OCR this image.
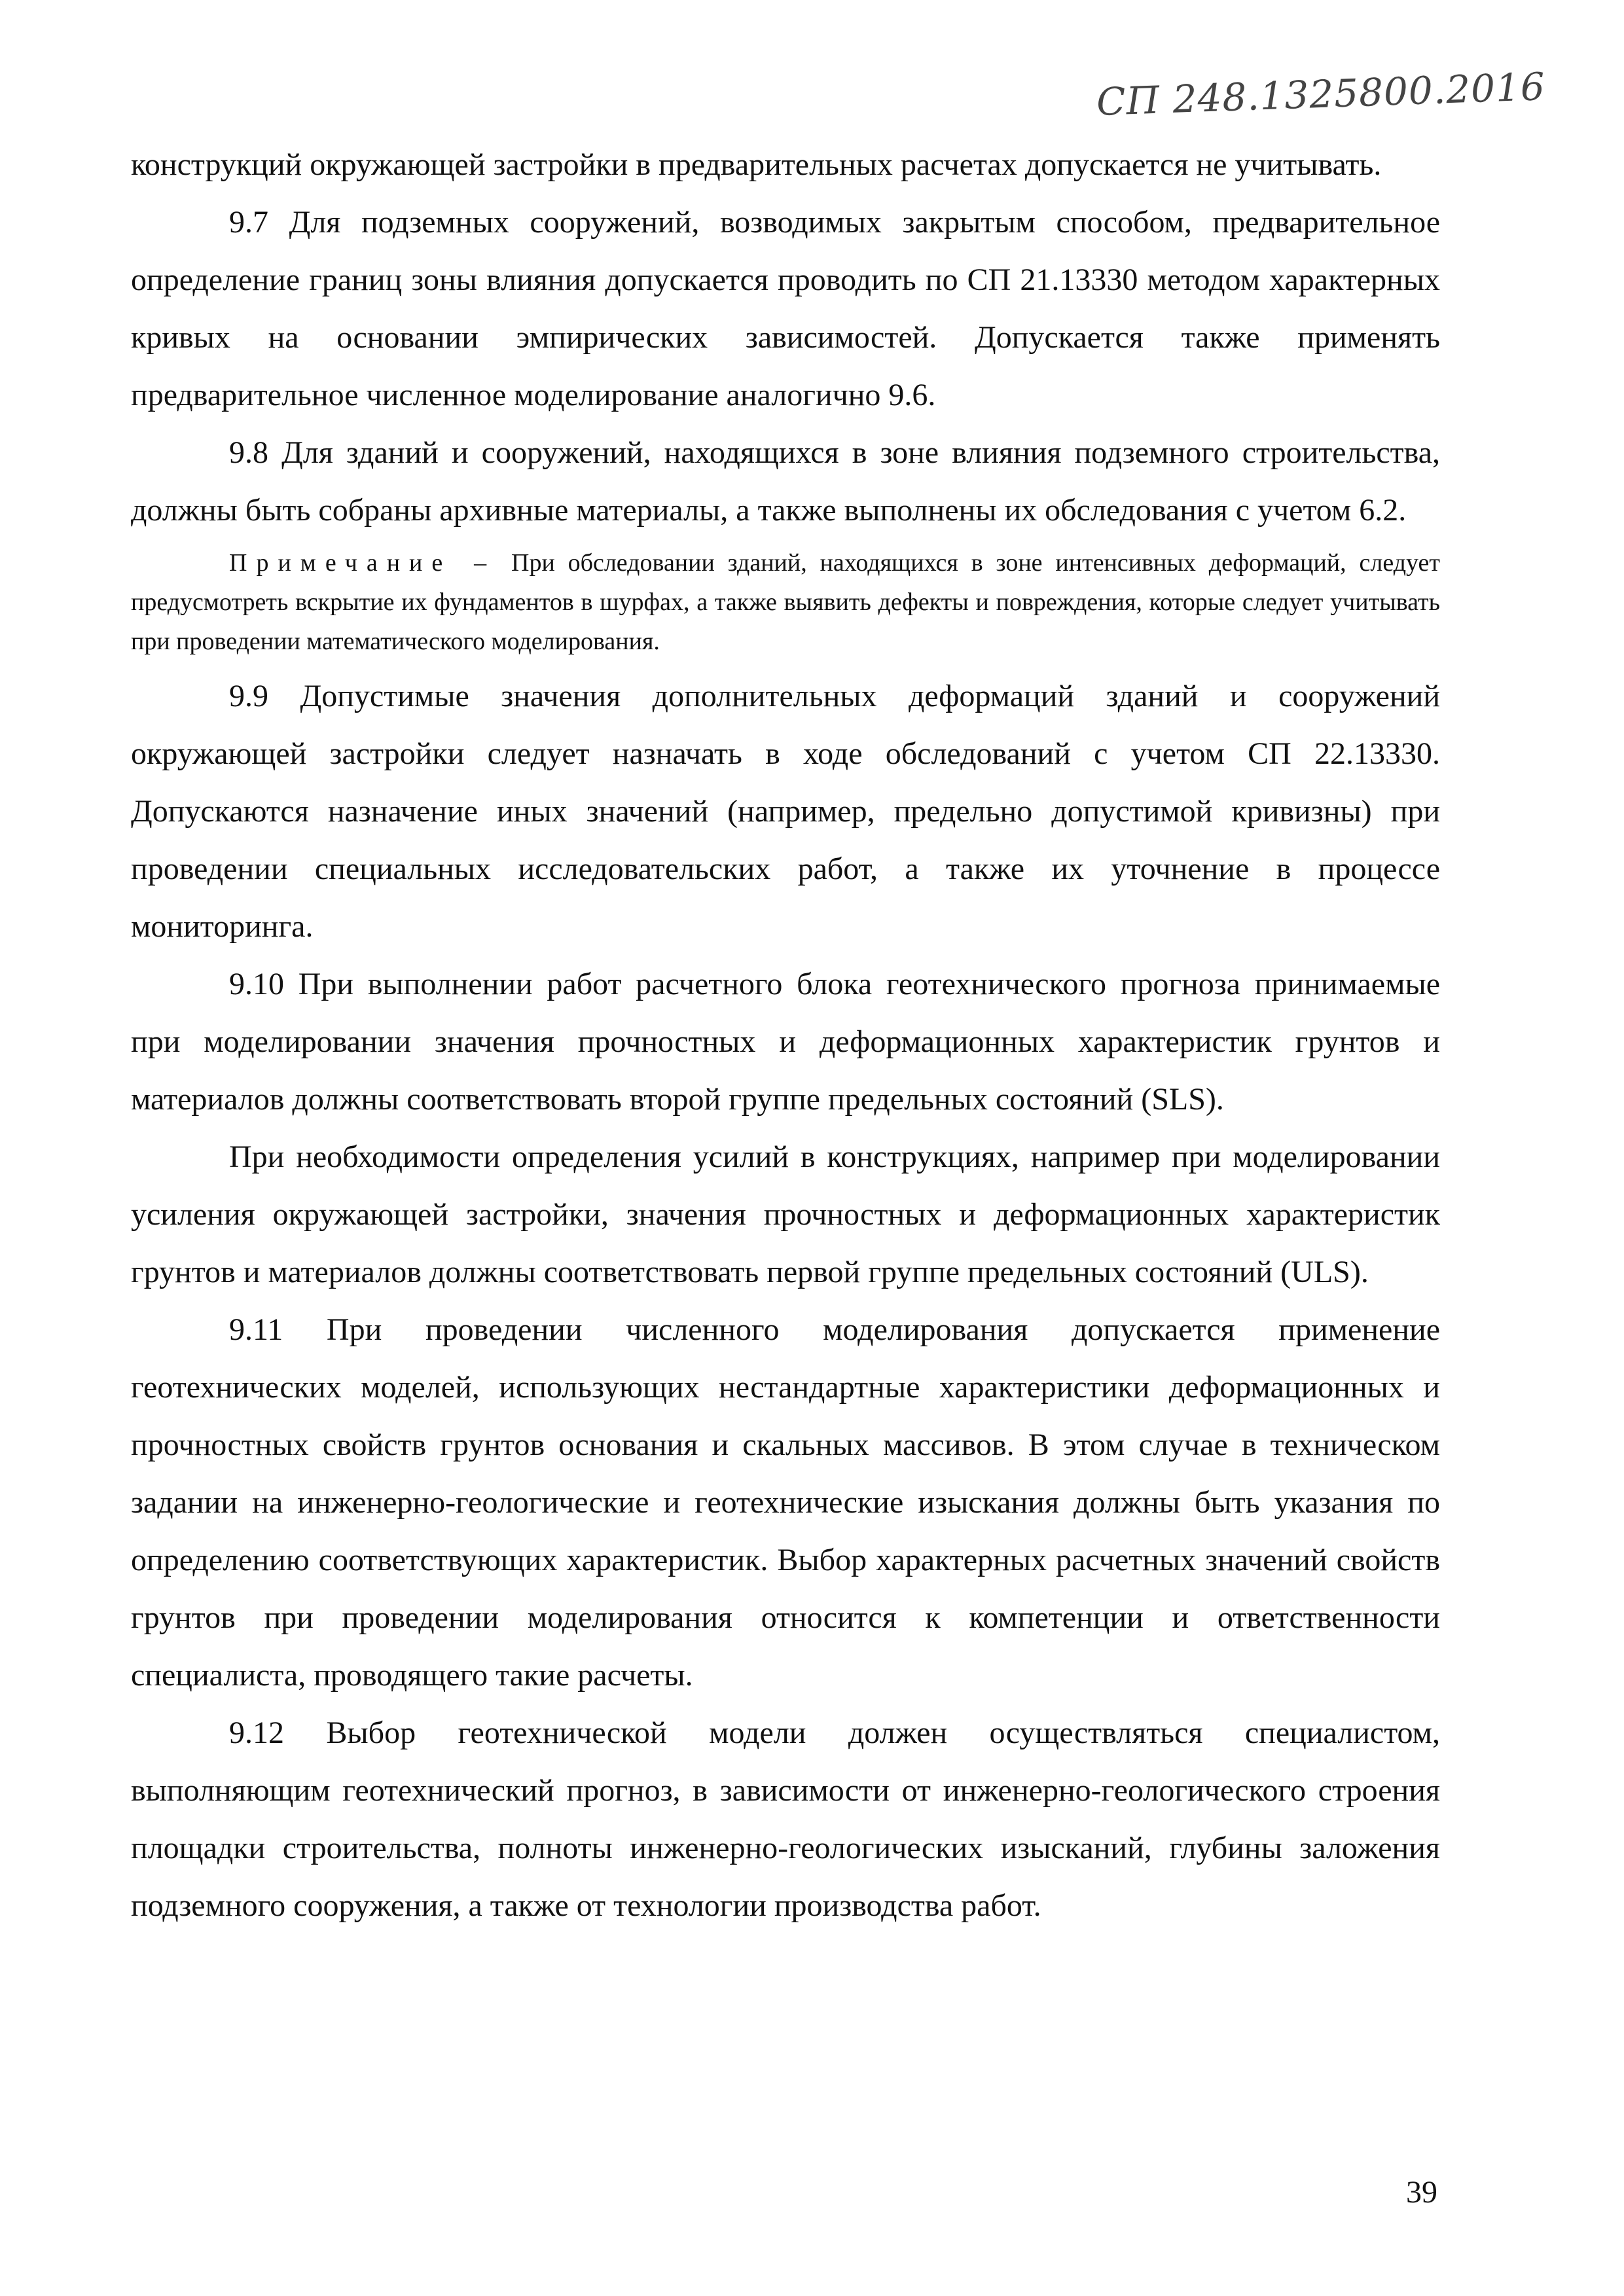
СП 248.1325800.2016

конструкций окружающей застройки в предварительных расчетах допускается не учитывать.

9.7 Для подземных сооружений, возводимых закрытым способом, предварительное определение границ зоны влияния допускается проводить по СП 21.13330 методом характерных кривых на основании эмпирических зависимостей. Допускается также применять предварительное численное моделирование аналогично 9.6.

9.8 Для зданий и сооружений, находящихся в зоне влияния подземного строительства, должны быть собраны архивные материалы, а также выполнены их обследования с учетом 6.2.

Примечание – При обследовании зданий, находящихся в зоне интенсивных деформаций, следует предусмотреть вскрытие их фундаментов в шурфах, а также выявить дефекты и повреждения, которые следует учитывать при проведении математического моделирования.

9.9 Допустимые значения дополнительных деформаций зданий и сооружений окружающей застройки следует назначать в ходе обследований с учетом СП 22.13330. Допускаются назначение иных значений (например, предельно допустимой кривизны) при проведении специальных исследовательских работ, а также их уточнение в процессе мониторинга.

9.10 При выполнении работ расчетного блока геотехнического прогноза принимаемые при моделировании значения прочностных и деформационных характеристик грунтов и материалов должны соответствовать второй группе предельных состояний (SLS).

При необходимости определения усилий в конструкциях, например при моделировании усиления окружающей застройки, значения прочностных и деформационных характеристик грунтов и материалов должны соответствовать первой группе предельных состояний (ULS).

9.11 При проведении численного моделирования допускается применение геотехнических моделей, использующих нестандартные характеристики деформационных и прочностных свойств грунтов основания и скальных массивов. В этом случае в техническом задании на инженерно-геологические и геотехнические изыскания должны быть указания по определению соответствующих характеристик. Выбор характерных расчетных значений свойств грунтов при проведении моделирования относится к компетенции и ответственности специалиста, проводящего такие расчеты.

9.12 Выбор геотехнической модели должен осуществляться специалистом, выполняющим геотехнический прогноз, в зависимости от инженерно-геологического строения площадки строительства, полноты инженерно-геологических изысканий, глубины заложения подземного сооружения, а также от технологии производства работ.

39
